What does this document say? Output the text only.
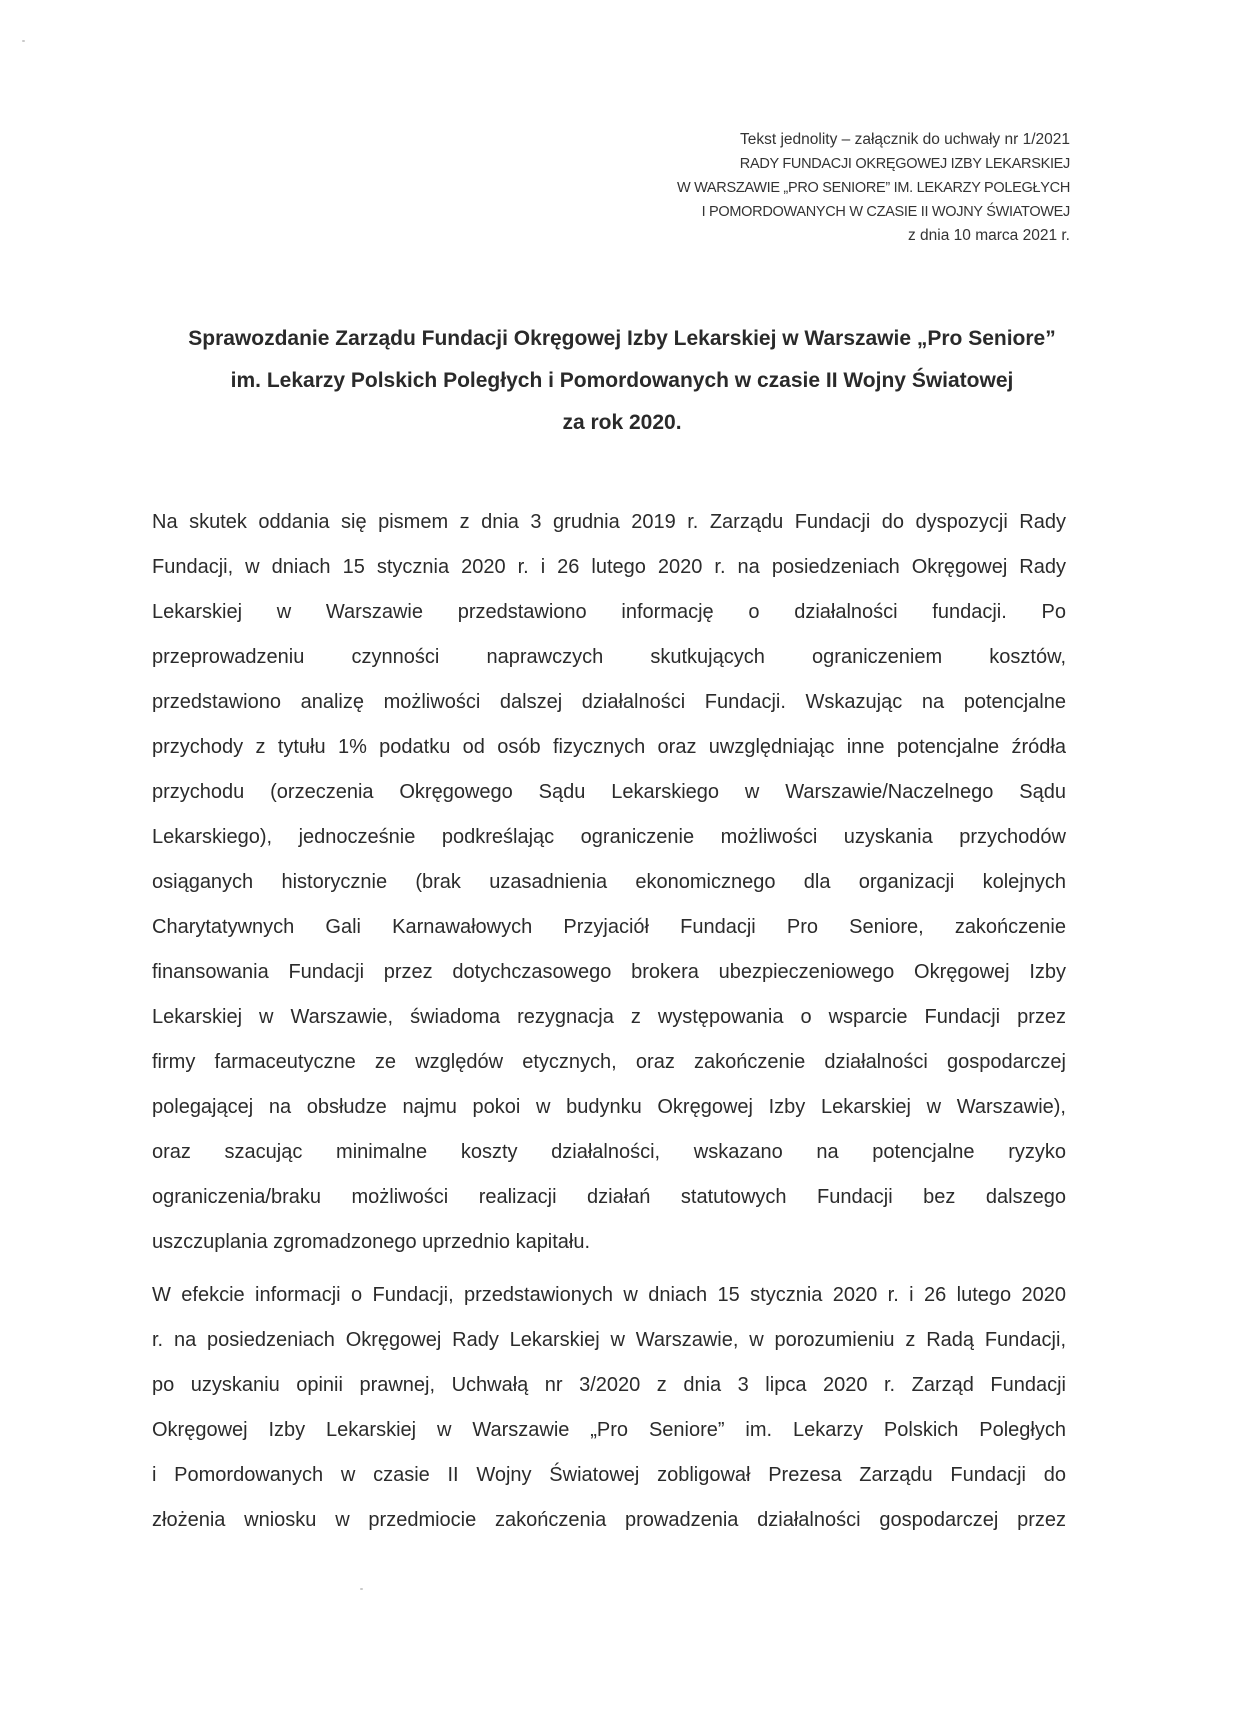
Tekst jednolity – załącznik do uchwały nr 1/2021
RADY FUNDACJI OKRĘGOWEJ IZBY LEKARSKIEJ
W WARSZAWIE „PRO SENIORE” IM. LEKARZY POLEGŁYCH
I POMORDOWANYCH W CZASIE II WOJNY ŚWIATOWEJ
z dnia 10 marca 2021 r.
Sprawozdanie Zarządu Fundacji Okręgowej Izby Lekarskiej w Warszawie „Pro Seniore”
im. Lekarzy Polskich Poległych i Pomordowanych w czasie II Wojny Światowej
za rok 2020.
Na skutek oddania się pismem z dnia 3 grudnia 2019 r. Zarządu Fundacji do dyspozycji Rady
Fundacji, w dniach 15 stycznia 2020 r. i 26 lutego 2020 r. na posiedzeniach Okręgowej Rady
Lekarskiej w Warszawie przedstawiono informację o działalności fundacji. Po
przeprowadzeniu czynności naprawczych skutkujących ograniczeniem kosztów,
przedstawiono analizę możliwości dalszej działalności Fundacji. Wskazując na potencjalne
przychody z tytułu 1% podatku od osób fizycznych oraz uwzględniając inne potencjalne źródła
przychodu (orzeczenia Okręgowego Sądu Lekarskiego w Warszawie/Naczelnego Sądu
Lekarskiego), jednocześnie podkreślając ograniczenie możliwości uzyskania przychodów
osiąganych historycznie (brak uzasadnienia ekonomicznego dla organizacji kolejnych
Charytatywnych Gali Karnawałowych Przyjaciół Fundacji Pro Seniore, zakończenie
finansowania Fundacji przez dotychczasowego brokera ubezpieczeniowego Okręgowej Izby
Lekarskiej w Warszawie, świadoma rezygnacja z występowania o wsparcie Fundacji przez
firmy farmaceutyczne ze względów etycznych, oraz zakończenie działalności gospodarczej
polegającej na obsłudze najmu pokoi w budynku Okręgowej Izby Lekarskiej w Warszawie),
oraz szacując minimalne koszty działalności, wskazano na potencjalne ryzyko
ograniczenia/braku możliwości realizacji działań statutowych Fundacji bez dalszego
uszczuplania zgromadzonego uprzednio kapitału.
W efekcie informacji o Fundacji, przedstawionych w dniach 15 stycznia 2020 r. i 26 lutego 2020
r. na posiedzeniach Okręgowej Rady Lekarskiej w Warszawie, w porozumieniu z Radą Fundacji,
po uzyskaniu opinii prawnej, Uchwałą nr 3/2020 z dnia 3 lipca 2020 r. Zarząd Fundacji
Okręgowej Izby Lekarskiej w Warszawie „Pro Seniore” im. Lekarzy Polskich Poległych
i Pomordowanych w czasie II Wojny Światowej zobligował Prezesa Zarządu Fundacji do
złożenia wniosku w przedmiocie zakończenia prowadzenia działalności gospodarczej przez
